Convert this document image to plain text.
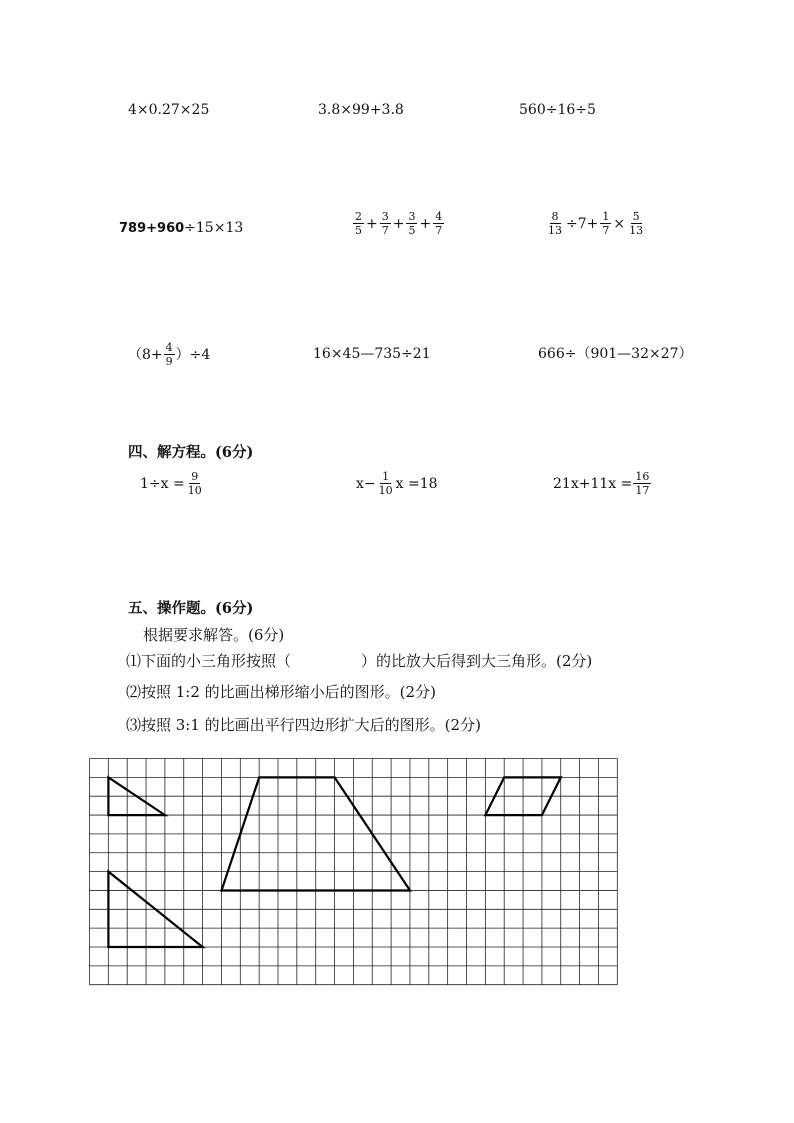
4×0.27×25	3.8×99+3.8	560÷16÷5
789+960÷15×13	$\frac{2}{5} + \frac{3}{7} + \frac{3}{5} + \frac{4}{7}$	$\frac{8}{13} \div 7+ \frac{1}{7} \times \frac{5}{13}$
$(8+ \frac{4}{9} )\div 4$	16×45—735÷21	666÷（901—32×27）
四、解方程。(6分)
$1\div x = \frac{9}{10}$	$x- \frac{1}{10}$ x =18	$21x+11x = \frac{16}{17}$
五、操作题。(6分)
根据要求解答。(6分)
⑴下面的小三角形按照（	）的比放大后得到大三角形。(2分)
⑵按照 1:2 的比画出梯形缩小后的图形。(2分)
⑶按照 3:1 的比画出平行四边形扩大后的图形。(2分)
